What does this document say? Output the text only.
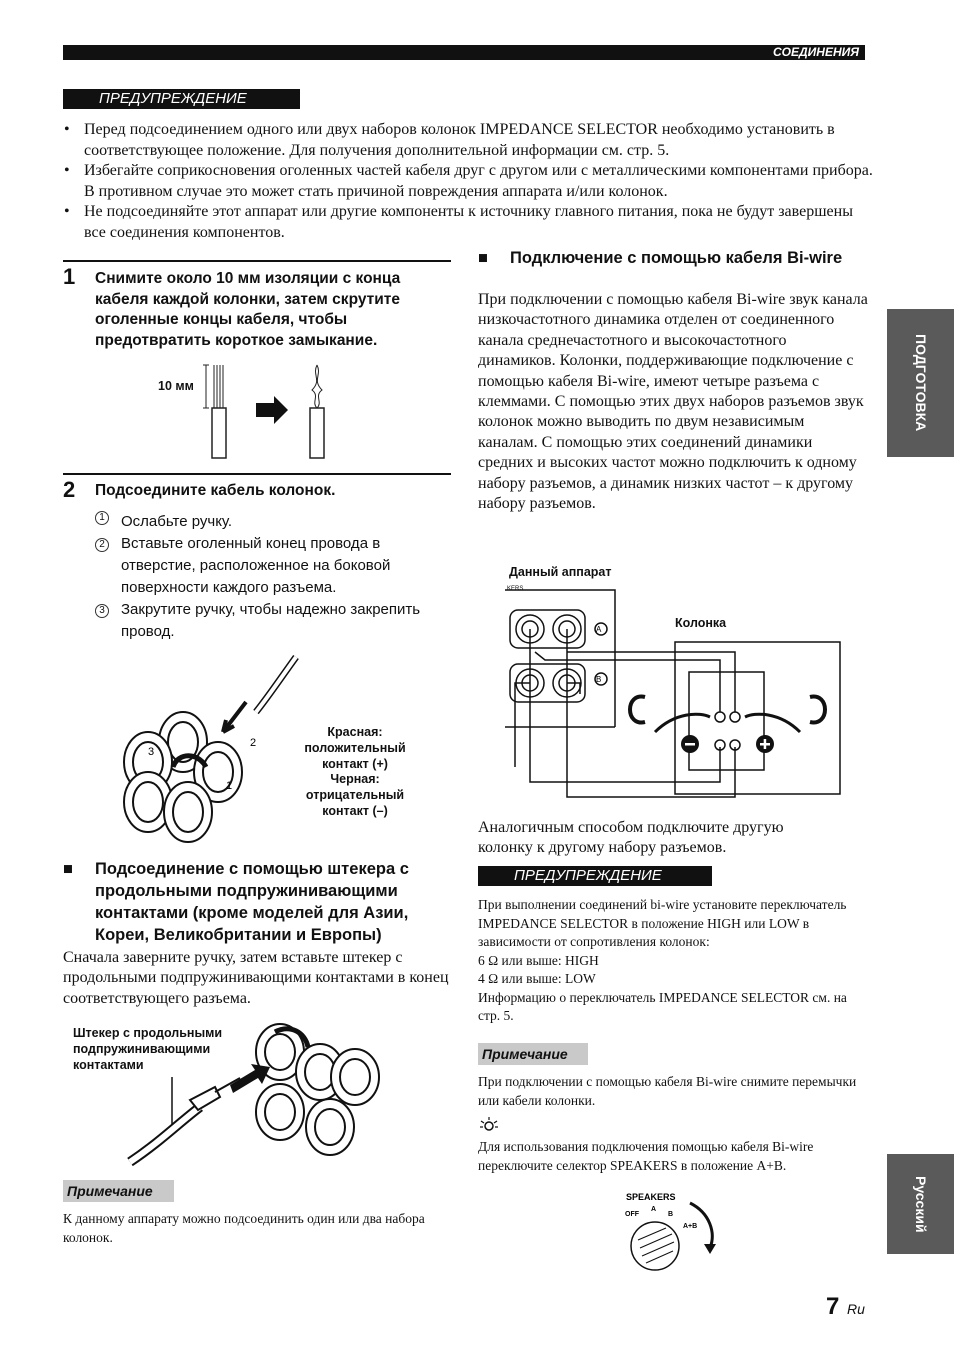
СОЕДИНЕНИЯ
ПРЕДУПРЕЖДЕНИЕ
• Перед подсоединением одного или двух наборов колонок IMPEDANCE SELECTOR необходимо установить в соответствующее положение. Для получения дополнительной информации см. стр. 5.
• Избегайте соприкосновения оголенных частей кабеля друг с другом или с металлическими компонентами прибора. В противном случае это может стать причиной повреждения аппарата и/или колонок.
• Не подсоединяйте этот аппарат или другие компоненты к источнику главного питания, пока не будут завершены все соединения компонентов.
1 Снимите около 10 мм изоляции с конца кабеля каждой колонки, затем скрутите оголенные концы кабеля, чтобы предотвратить короткое замыкание.
10 мм
2 Подсоедините кабель колонок.
1 Ослабьте ручку.
2 Вставьте оголенный конец провода в отверстие, расположенное на боковой поверхности каждого разъема.
3 Закрутите ручку, чтобы надежно закрепить провод.
3
2
1
Красная: положительный контакт (+)
Черная: отрицательный контакт (–)
■	Подсоединение с помощью штекера с продольными подпружинивающими контактами (кроме моделей для Азии, Кореи, Великобритании и Европы)
Сначала заверните ручку, затем вставьте штекер с продольными подпружинивающими контактами в конец соответствующего разъема.
Штекер с продольными подпружинивающими контактами
Примечание
К данному аппарату можно подсоединить один или два набора колонок.
■	Подключение с помощью кабеля Bi-wire
При подключении с помощью кабеля Bi-wire звук канала низкочастотного динамика отделен от соединенного канала среднечастотного и высокочастотного динамиков. Колонки, поддерживающие подключение с помощью кабеля Bi-wire, имеют четыре разъема с клеммами. С помощью этих двух наборов разъемов звук колонок можно выводить по двум независимым каналам. С помощью этих соединений динамики средних и высоких частот можно подключить к одному набору разъемов, а динамик низких частот – к другому набору разъемов.
Данный аппарат
Колонка
KERS
A
B
Аналогичным способом подключите другую колонку к другому набору разъемов.
ПРЕДУПРЕЖДЕНИЕ
При выполнении соединений bi-wire установите переключатель IMPEDANCE SELECTOR в положение HIGH или LOW в зависимости от сопротивления колонок:
6 Ω или выше: HIGH
4 Ω или выше: LOW
Информацию о переключатель IMPEDANCE SELECTOR см. на стр. 5.
Примечание
При подключении с помощью кабеля Bi-wire снимите перемычки или кабели колонки.
Для использования подключения помощью кабеля Bi-wire переключите селектор SPEAKERS в положение A+B.
SPEAKERS
OFF
A
B
A+B
ПОДГОТОВКА
Русский
7 Ru
